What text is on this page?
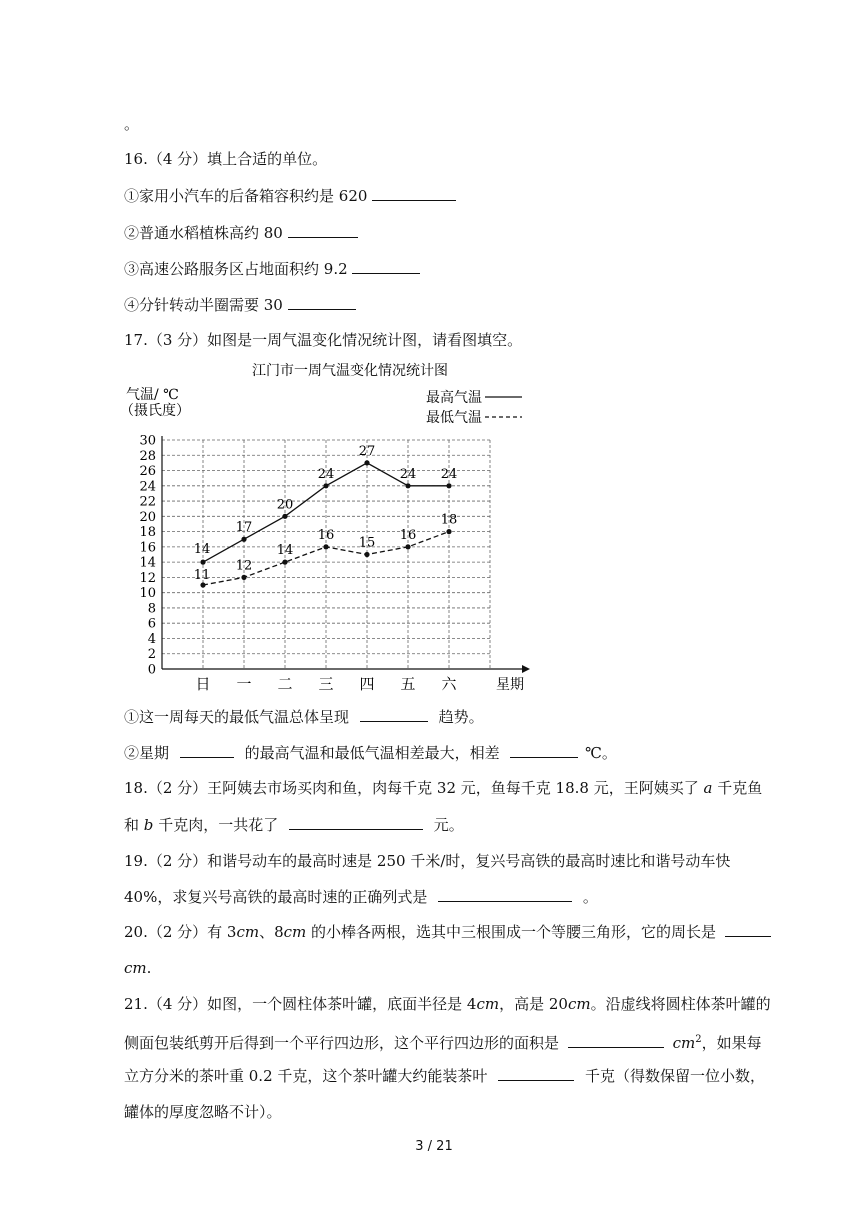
。
16.（4 分）填上合适的单位。
①家用小汽车的后备箱容积约是 620
②普通水稻植株高约 80
③高速公路服务区占地面积约 9.2
④分针转动半圈需要 30
17.（3 分）如图是一周气温变化情况统计图，请看图填空。
0
2
4
6
8
10
12
14
16
18
20
22
24
26
28
30
日 一 二 三 四 五 六
14
17
20
24
27
24 24
11
12
14
16
15
16
18
江门市一周气温变化情况统计图
气温/ ℃
（摄氏度）
星期
最高气温
最低气温
①这一周每天的最低气温总体呈现	趋势。
②星期	的最高气温和最低气温相差最大，相差	℃。
18.（2 分）王阿姨去市场买肉和鱼，肉每千克 32 元，鱼每千克 18.8 元，王阿姨买了 a 千克鱼
和 b 千克肉，一共花了	元。
19.（2 分）和谐号动车的最高时速是 250 千米/时，复兴号高铁的最高时速比和谐号动车快
40%，求复兴号高铁的最高时速的正确列式是	。
20.（2 分）有 3cm、8cm 的小棒各两根，选其中三根围成一个等腰三角形，它的周长是
cm.
21.（4 分）如图，一个圆柱体茶叶罐，底面半径是 4cm，高是 20cm。沿虚线将圆柱体茶叶罐的
侧面包装纸剪开后得到一个平行四边形，这个平行四边形的面积是	$cm^2$，如果每
立方分米的茶叶重 0.2 千克，这个茶叶罐大约能装茶叶	千克（得数保留一位小数，
罐体的厚度忽略不计）。
3 / 21
